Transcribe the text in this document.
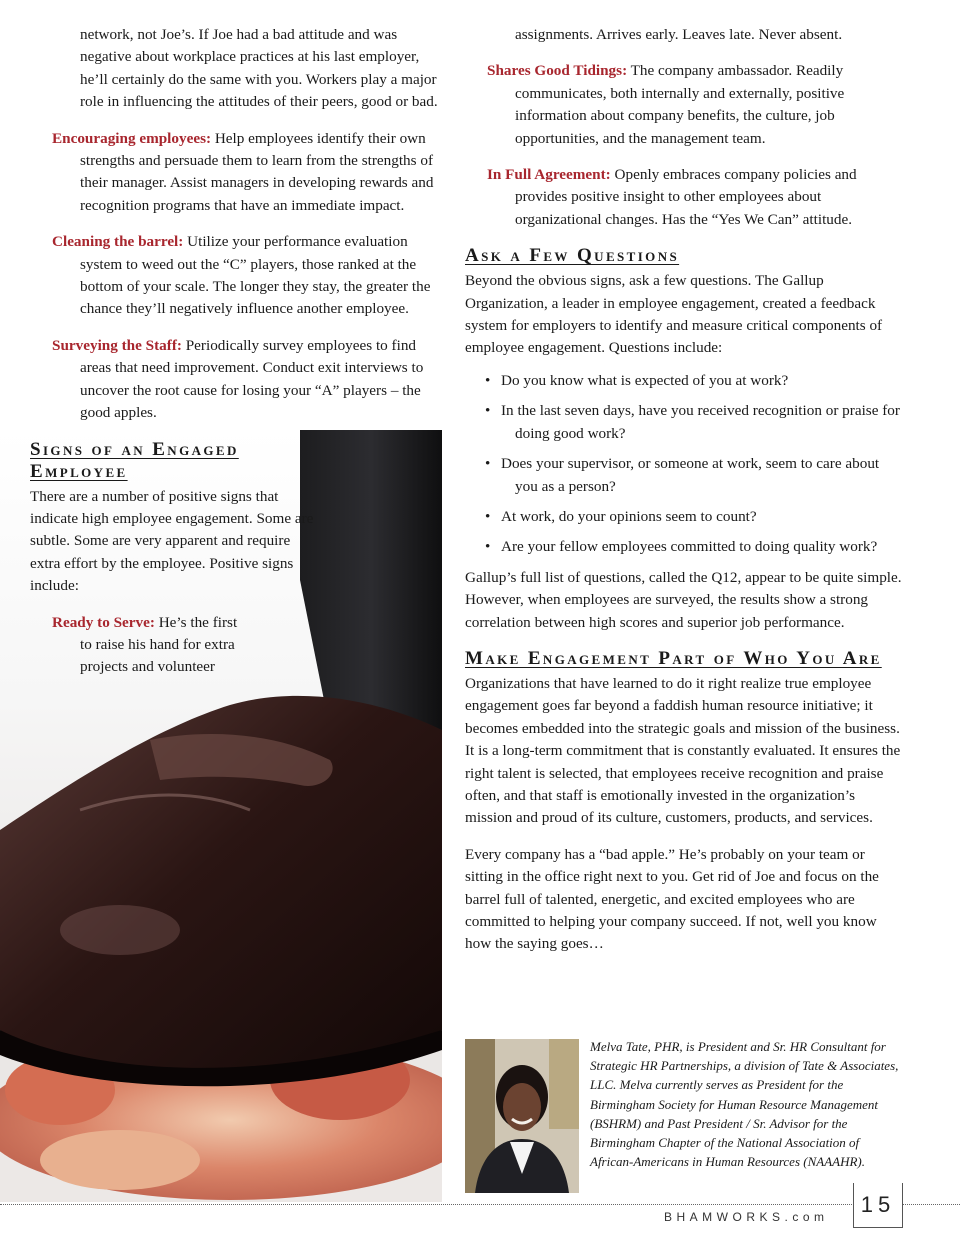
network, not Joe’s. If Joe had a bad attitude and was negative about workplace practices at his last employer, he’ll certainly do the same with you. Workers play a major role in influencing the attitudes of their peers, good or bad.
Encouraging employees: Help employees identify their own strengths and persuade them to learn from the strengths of their manager. Assist managers in developing rewards and recognition programs that have an immediate impact.
Cleaning the barrel: Utilize your performance evaluation system to weed out the “C” players, those ranked at the bottom of your scale. The longer they stay, the greater the chance they’ll negatively influence another employee.
Surveying the Staff: Periodically survey employees to find areas that need improvement. Conduct exit interviews to uncover the root cause for losing your “A” players – the good apples.
Signs of an Engaged Employee

There are a number of positive signs that indicate high employee engagement. Some are subtle. Some are very apparent and require extra effort by the employee. Positive signs include:

Ready to Serve: He’s the first to raise his hand for extra projects and volunteer
assignments. Arrives early. Leaves late. Never absent.
Shares Good Tidings: The company ambassador. Readily communicates, both internally and externally, positive information about company benefits, the culture, job opportunities, and the management team.
In Full Agreement: Openly embraces company policies and provides positive insight to other employees about organizational changes. Has the “Yes We Can” attitude.
Ask a Few Questions

Beyond the obvious signs, ask a few questions. The Gallup Organization, a leader in employee engagement, created a feedback system for employers to identify and measure critical components of employee engagement. Questions include:

• Do you know what is expected of you at work?
• In the last seven days, have you received recognition or praise for doing good work?
• Does your supervisor, or someone at work, seem to care about you as a person?
• At work, do your opinions seem to count?
• Are your fellow employees committed to doing quality work?

Gallup’s full list of questions, called the Q12, appear to be quite simple. However, when employees are surveyed, the results show a strong correlation between high scores and superior job performance.

Make Engagement Part of Who You Are

Organizations that have learned to do it right realize true employee engagement goes far beyond a faddish human resource initiative; it becomes embedded into the strategic goals and mission of the business. It is a long-term commitment that is constantly evaluated. It ensures the right talent is selected, that employees receive recognition and praise often, and that staff is emotionally invested in the organization’s mission and proud of its culture, customers, products, and services.

Every company has a “bad apple.” He’s probably on your team or sitting in the office right next to you. Get rid of Joe and focus on the barrel full of talented, energetic, and excited employees who are committed to helping your company succeed. If not, well you know how the saying goes…

Melva Tate, PHR, is President and Sr. HR Consultant for Strategic HR Partnerships, a division of Tate & Associates, LLC. Melva currently serves as President for the Birmingham Society for Human Resource Management (BSHRM) and Past President / Sr. Advisor for the Birmingham Chapter of the National Association of African-Americans in Human Resources (NAAAHR).
BHAMWORKS.com	15
